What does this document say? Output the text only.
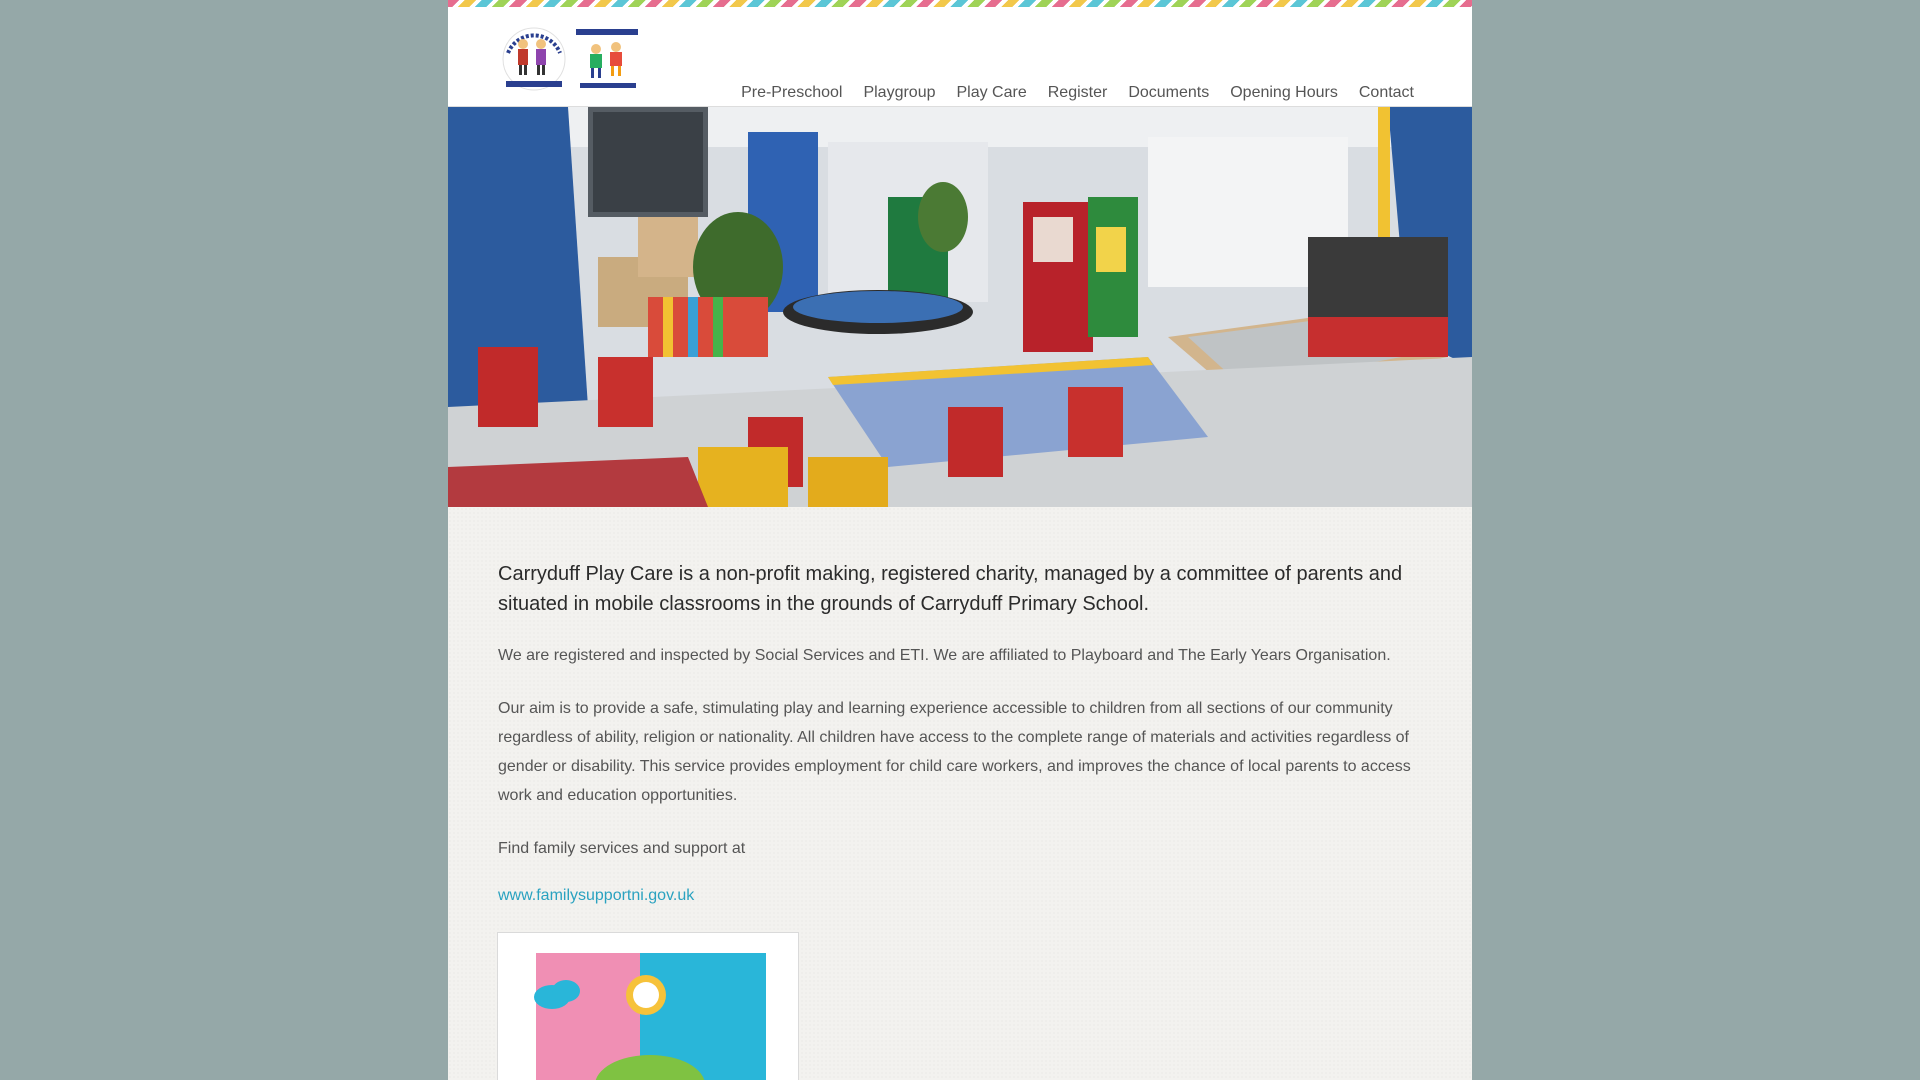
Pre-Preschool Playgroup Play Care Register Documents Opening Hours Contact

Carryduff Play Care is a non-profit making, registered charity, managed by a committee of parents and situated in mobile classrooms in the grounds of Carryduff Primary School.

We are registered and inspected by Social Services and ETI. We are affiliated to Playboard and The Early Years Organisation.

Our aim is to provide a safe, stimulating play and learning experience accessible to children from all sections of our community regardless of ability, religion or nationality. All children have access to the complete range of materials and activities regardless of gender or disability. This service provides employment for child care workers, and improves the chance of local parents to access work and education opportunities.

Find family services and support at

www.familysupportni.gov.uk
